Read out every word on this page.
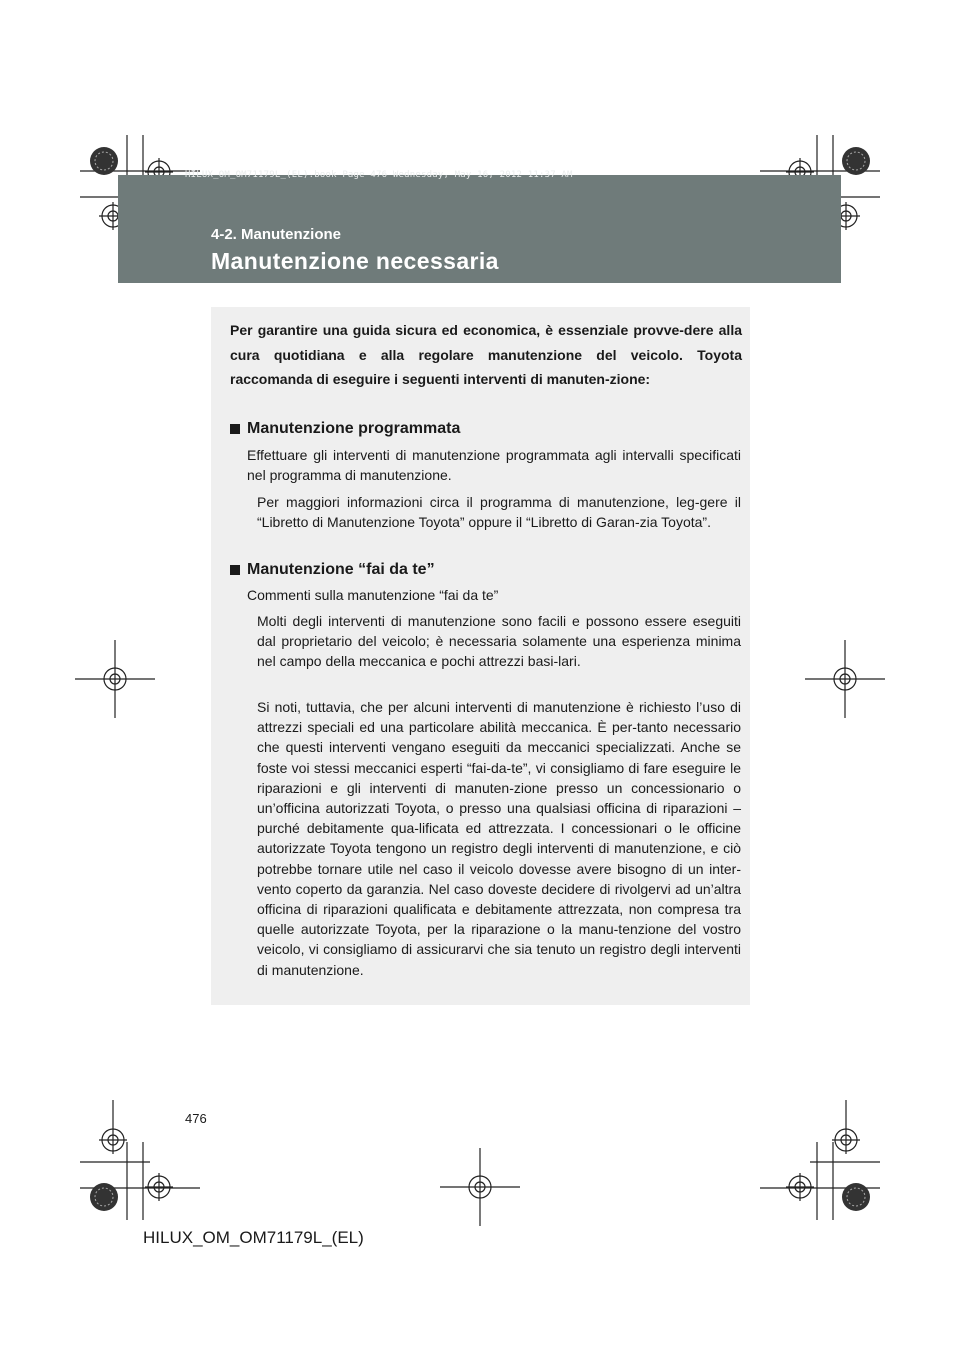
HILUX_OM_OM71179L_(EL).book Page 476 Wednesday, May 16, 2012 11:37 AM
4-2. Manutenzione
Manutenzione necessaria

Per garantire una guida sicura ed economica, è essenziale provve-dere alla cura quotidiana e alla regolare manutenzione del veicolo. Toyota raccomanda di eseguire i seguenti interventi di manuten-zione:

Manutenzione programmata

Effettuare gli interventi di manutenzione programmata agli intervalli specificati nel programma di manutenzione.

Per maggiori informazioni circa il programma di manutenzione, leg-gere il “Libretto di Manutenzione Toyota” oppure il “Libretto di Garan-zia Toyota”.

Manutenzione “fai da te”

Commenti sulla manutenzione “fai da te”

Molti degli interventi di manutenzione sono facili e possono essere eseguiti dal proprietario del veicolo; è necessaria solamente una esperienza minima nel campo della meccanica e pochi attrezzi basi-lari.

Si noti, tuttavia, che per alcuni interventi di manutenzione è richiesto l’uso di attrezzi speciali ed una particolare abilità meccanica. È per-tanto necessario che questi interventi vengano eseguiti da meccanici specializzati. Anche se foste voi stessi meccanici esperti “fai-da-te”, vi consigliamo di fare eseguire le riparazioni e gli interventi di manuten-zione presso un concessionario o un’officina autorizzati Toyota, o presso una qualsiasi officina di riparazioni – purché debitamente qua-lificata ed attrezzata. I concessionari o le officine autorizzate Toyota tengono un registro degli interventi di manutenzione, e ciò potrebbe tornare utile nel caso il veicolo dovesse avere bisogno di un inter-vento coperto da garanzia. Nel caso doveste decidere di rivolgervi ad un’altra officina di riparazioni qualificata e debitamente attrezzata, non compresa tra quelle autorizzate Toyota, per la riparazione o la manu-tenzione del vostro veicolo, vi consigliamo di assicurarvi che sia tenuto un registro degli interventi di manutenzione.

476
HILUX_OM_OM71179L_(EL)
